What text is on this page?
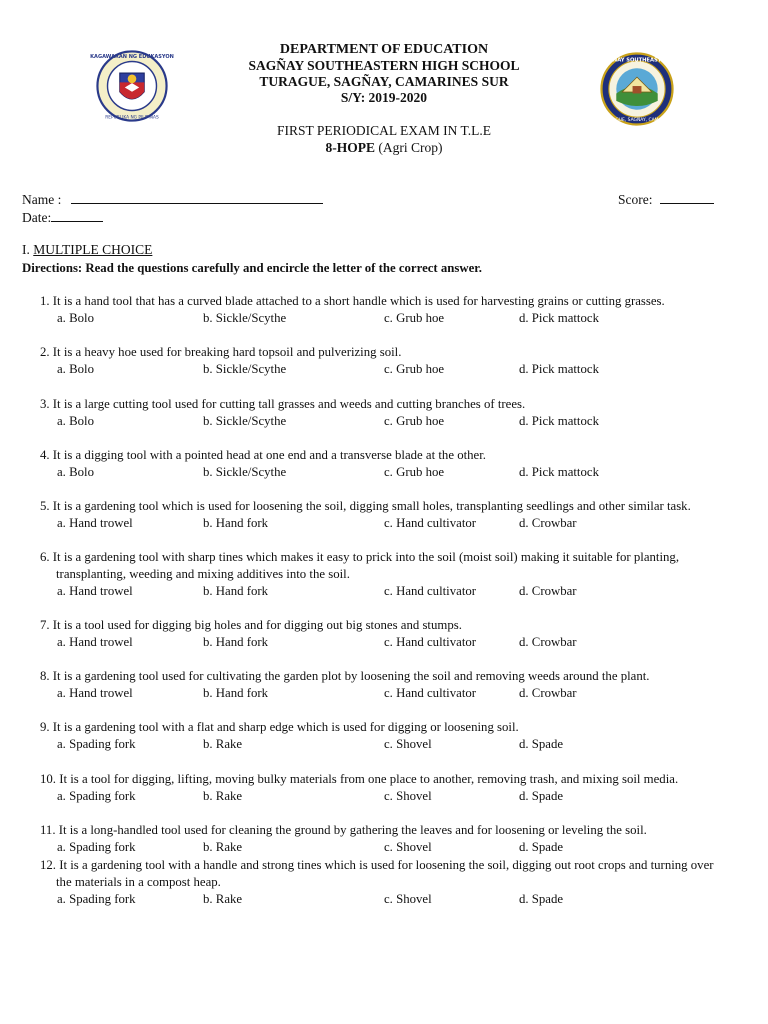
KAGAWARAN NG EDUKASYON
REPUBLIKA NG PILIPINAS
SAGÑAY SOUTHEASTERN
TURAGUE, SAGÑAY, CAM. SUR
DEPARTMENT OF EDUCATION
SAGÑAY SOUTHEASTERN HIGH SCHOOL
TURAGUE, SAGÑAY, CAMARINES SUR
S/Y: 2019-2020
FIRST PERIODICAL EXAM IN T.L.E
8-HOPE (Agri Crop)
Name :	Score:
Date:
I. MULTIPLE CHOICE
Directions: Read the questions carefully and encircle the letter of the correct answer.
1. It is a hand tool that has a curved blade attached to a short handle which is used for harvesting grains or cutting grasses.
a. Bolo	b. Sickle/Scythe	c. Grub hoe	d. Pick mattock
2. It is a heavy hoe used for breaking hard topsoil and pulverizing soil.
a. Bolo	b. Sickle/Scythe	c. Grub hoe	d. Pick mattock
3. It is a large cutting tool used for cutting tall grasses and weeds and cutting branches of trees.
a. Bolo	b. Sickle/Scythe	c. Grub hoe	d. Pick mattock
4. It is a digging tool with a pointed head at one end and a transverse blade at the other.
a. Bolo	b. Sickle/Scythe	c. Grub hoe	d. Pick mattock
5. It is a gardening tool which is used for loosening the soil, digging small holes, transplanting seedlings and other similar task.
a. Hand trowel	b. Hand fork	c. Hand cultivator	d. Crowbar
6. It is a gardening tool with sharp tines which makes it easy to prick into the soil (moist soil) making it suitable for planting,
transplanting, weeding and mixing additives into the soil.
a. Hand trowel	b. Hand fork	c. Hand cultivator	d. Crowbar
7. It is a tool used for digging big holes and for digging out big stones and stumps.
a. Hand trowel	b. Hand fork	c. Hand cultivator	d. Crowbar
8. It is a gardening tool used for cultivating the garden plot by loosening the soil and removing weeds around the plant.
a. Hand trowel	b. Hand fork	c. Hand cultivator	d. Crowbar
9. It is a gardening tool with a flat and sharp edge which is used for digging or loosening soil.
a. Spading fork	b. Rake	c. Shovel	d. Spade
10. It is a tool for digging, lifting, moving bulky materials from one place to another, removing trash, and mixing soil media.
a. Spading fork	b. Rake	c. Shovel	d. Spade
11. It is a long-handled tool used for cleaning the ground by gathering the leaves and for loosening or leveling the soil.
a. Spading fork	b. Rake	c. Shovel	d. Spade
12. It is a gardening tool with a handle and strong tines which is used for loosening the soil, digging out root crops and turning over
the materials in a compost heap.
a. Spading fork	b. Rake	c. Shovel	d. Spade
